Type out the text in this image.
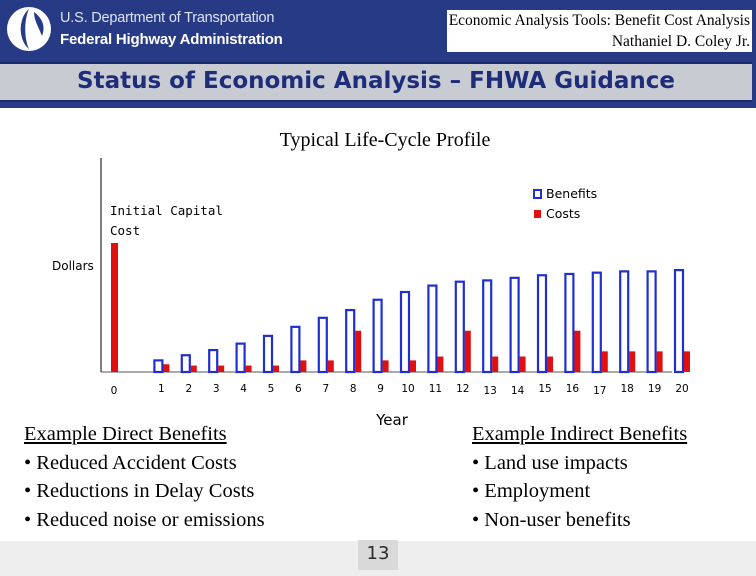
U.S. Department of Transportation
Federal Highway Administration
Economic Analysis Tools: Benefit Cost Analysis
Nathaniel D. Coley Jr.
Status of Economic Analysis – FHWA Guidance
Typical Life-Cycle Profile
Dollars
Year
Initial Capital Cost
Benefits
Costs
0	1 2 3 4 5 6 7 8 9 10 11 12 13 14 15 16 17 18 19 20
Example Direct Benefits
• Reduced Accident Costs
• Reductions in Delay Costs
• Reduced noise or emissions
Example Indirect Benefits
• Land use impacts
• Employment
• Non-user benefits
13
